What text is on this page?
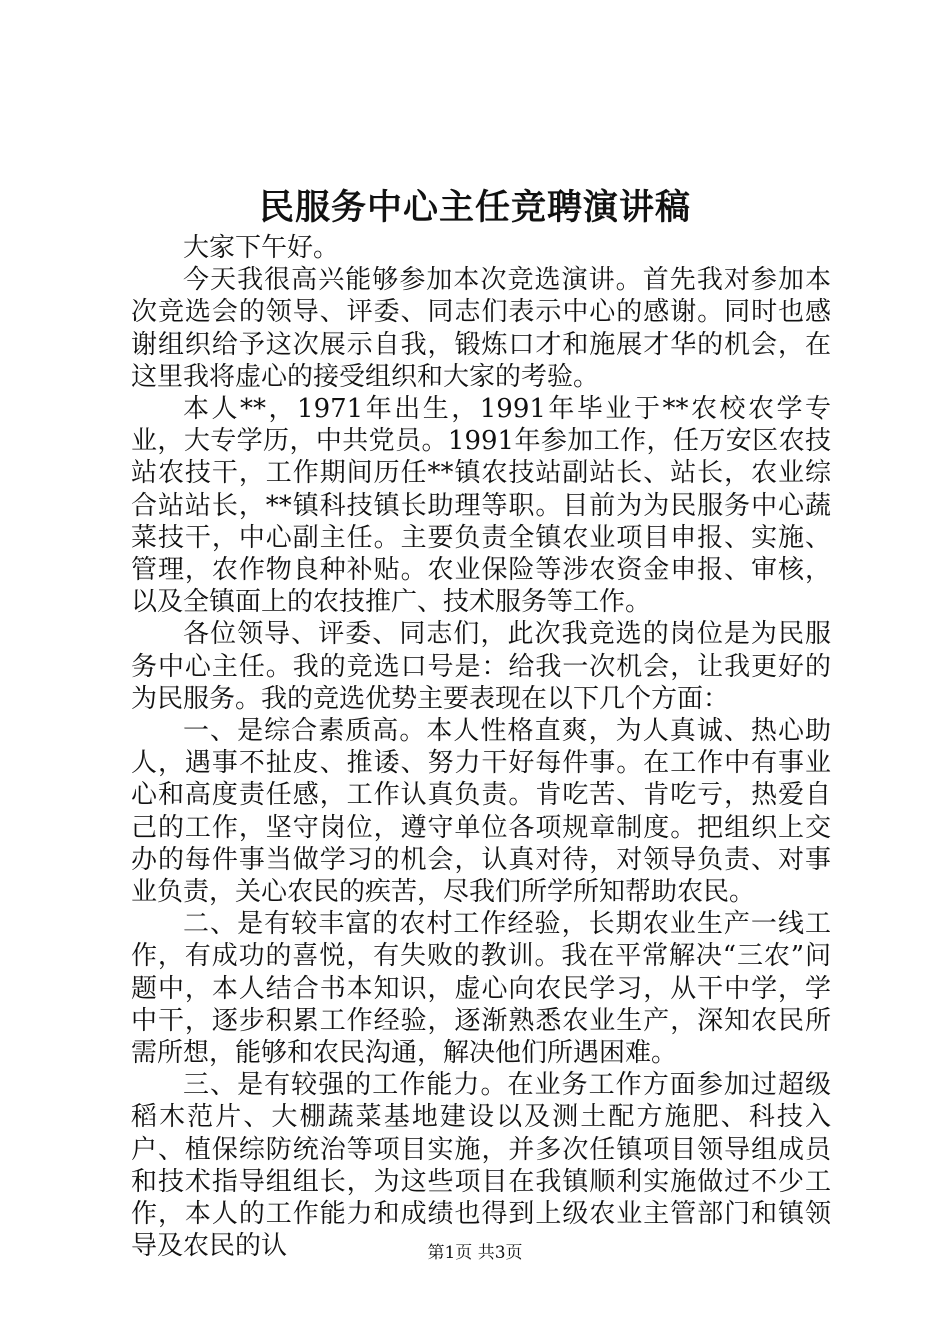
民服务中心主任竞聘演讲稿

大家下午好。

今天我很高兴能够参加本次竞选演讲。首先我对参加本次竞选会的领导、评委、同志们表示中心的感谢。同时也感谢组织给予这次展示自我，锻炼口才和施展才华的机会，在这里我将虚心的接受组织和大家的考验。

本人**，1971年出生，1991年毕业于**农校农学专业，大专学历，中共党员。1991年参加工作，任万安区农技站农技干，工作期间历任**镇农技站副站长、站长，农业综合站站长，**镇科技镇长助理等职。目前为为民服务中心蔬菜技干，中心副主任。主要负责全镇农业项目申报、实施、管理，农作物良种补贴。农业保险等涉农资金申报、审核，以及全镇面上的农技推广、技术服务等工作。

各位领导、评委、同志们，此次我竞选的岗位是为民服务中心主任。我的竞选口号是：给我一次机会，让我更好的为民服务。我的竞选优势主要表现在以下几个方面：

一、是综合素质高。本人性格直爽，为人真诚、热心助人，遇事不扯皮、推诿、努力干好每件事。在工作中有事业心和高度责任感，工作认真负责。肯吃苦、肯吃亏，热爱自己的工作，坚守岗位，遵守单位各项规章制度。把组织上交办的每件事当做学习的机会，认真对待，对领导负责、对事业负责，关心农民的疾苦，尽我们所学所知帮助农民。

二、是有较丰富的农村工作经验，长期农业生产一线工作，有成功的喜悦，有失败的教训。我在平常解决“三农”问题中，本人结合书本知识，虚心向农民学习，从干中学，学中干，逐步积累工作经验，逐渐熟悉农业生产，深知农民所需所想，能够和农民沟通，解决他们所遇困难。

三、是有较强的工作能力。在业务工作方面参加过超级稻木范片、大棚蔬菜基地建设以及测土配方施肥、科技入户、植保综防统治等项目实施，并多次任镇项目领导组成员和技术指导组组长，为这些项目在我镇顺利实施做过不少工作，本人的工作能力和成绩也得到上级农业主管部门和镇领导及农民的认	第1页 共3页
